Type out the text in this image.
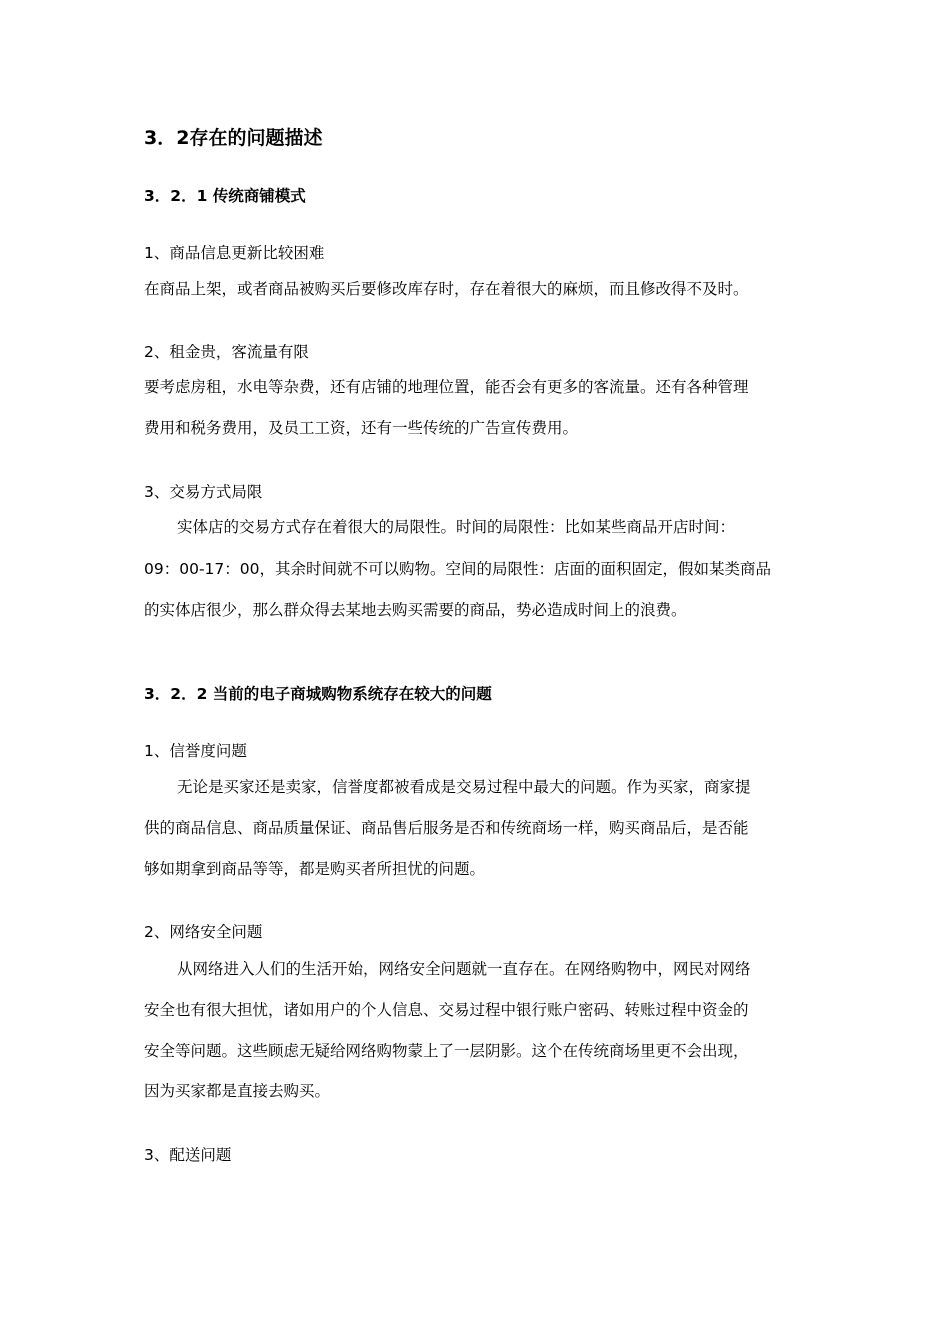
3．2存在的问题描述
3．2．1 传统商铺模式
1、商品信息更新比较困难
在商品上架，或者商品被购买后要修改库存时，存在着很大的麻烦，而且修改得不及时。
2、租金贵，客流量有限
要考虑房租，水电等杂费，还有店铺的地理位置，能否会有更多的客流量。还有各种管理
费用和税务费用，及员工工资，还有一些传统的广告宣传费用。
3、交易方式局限
实体店的交易方式存在着很大的局限性。时间的局限性：比如某些商品开店时间：
09：00-17：00，其余时间就不可以购物。空间的局限性：店面的面积固定，假如某类商品
的实体店很少，那么群众得去某地去购买需要的商品，势必造成时间上的浪费。
3．2．2 当前的电子商城购物系统存在较大的问题
1、信誉度问题
无论是买家还是卖家，信誉度都被看成是交易过程中最大的问题。作为买家，商家提
供的商品信息、商品质量保证、商品售后服务是否和传统商场一样，购买商品后，是否能
够如期拿到商品等等，都是购买者所担忧的问题。
2、网络安全问题
从网络进入人们的生活开始，网络安全问题就一直存在。在网络购物中，网民对网络
安全也有很大担忧，诸如用户的个人信息、交易过程中银行账户密码、转账过程中资金的
安全等问题。这些顾虑无疑给网络购物蒙上了一层阴影。这个在传统商场里更不会出现，
因为买家都是直接去购买。
3、配送问题
